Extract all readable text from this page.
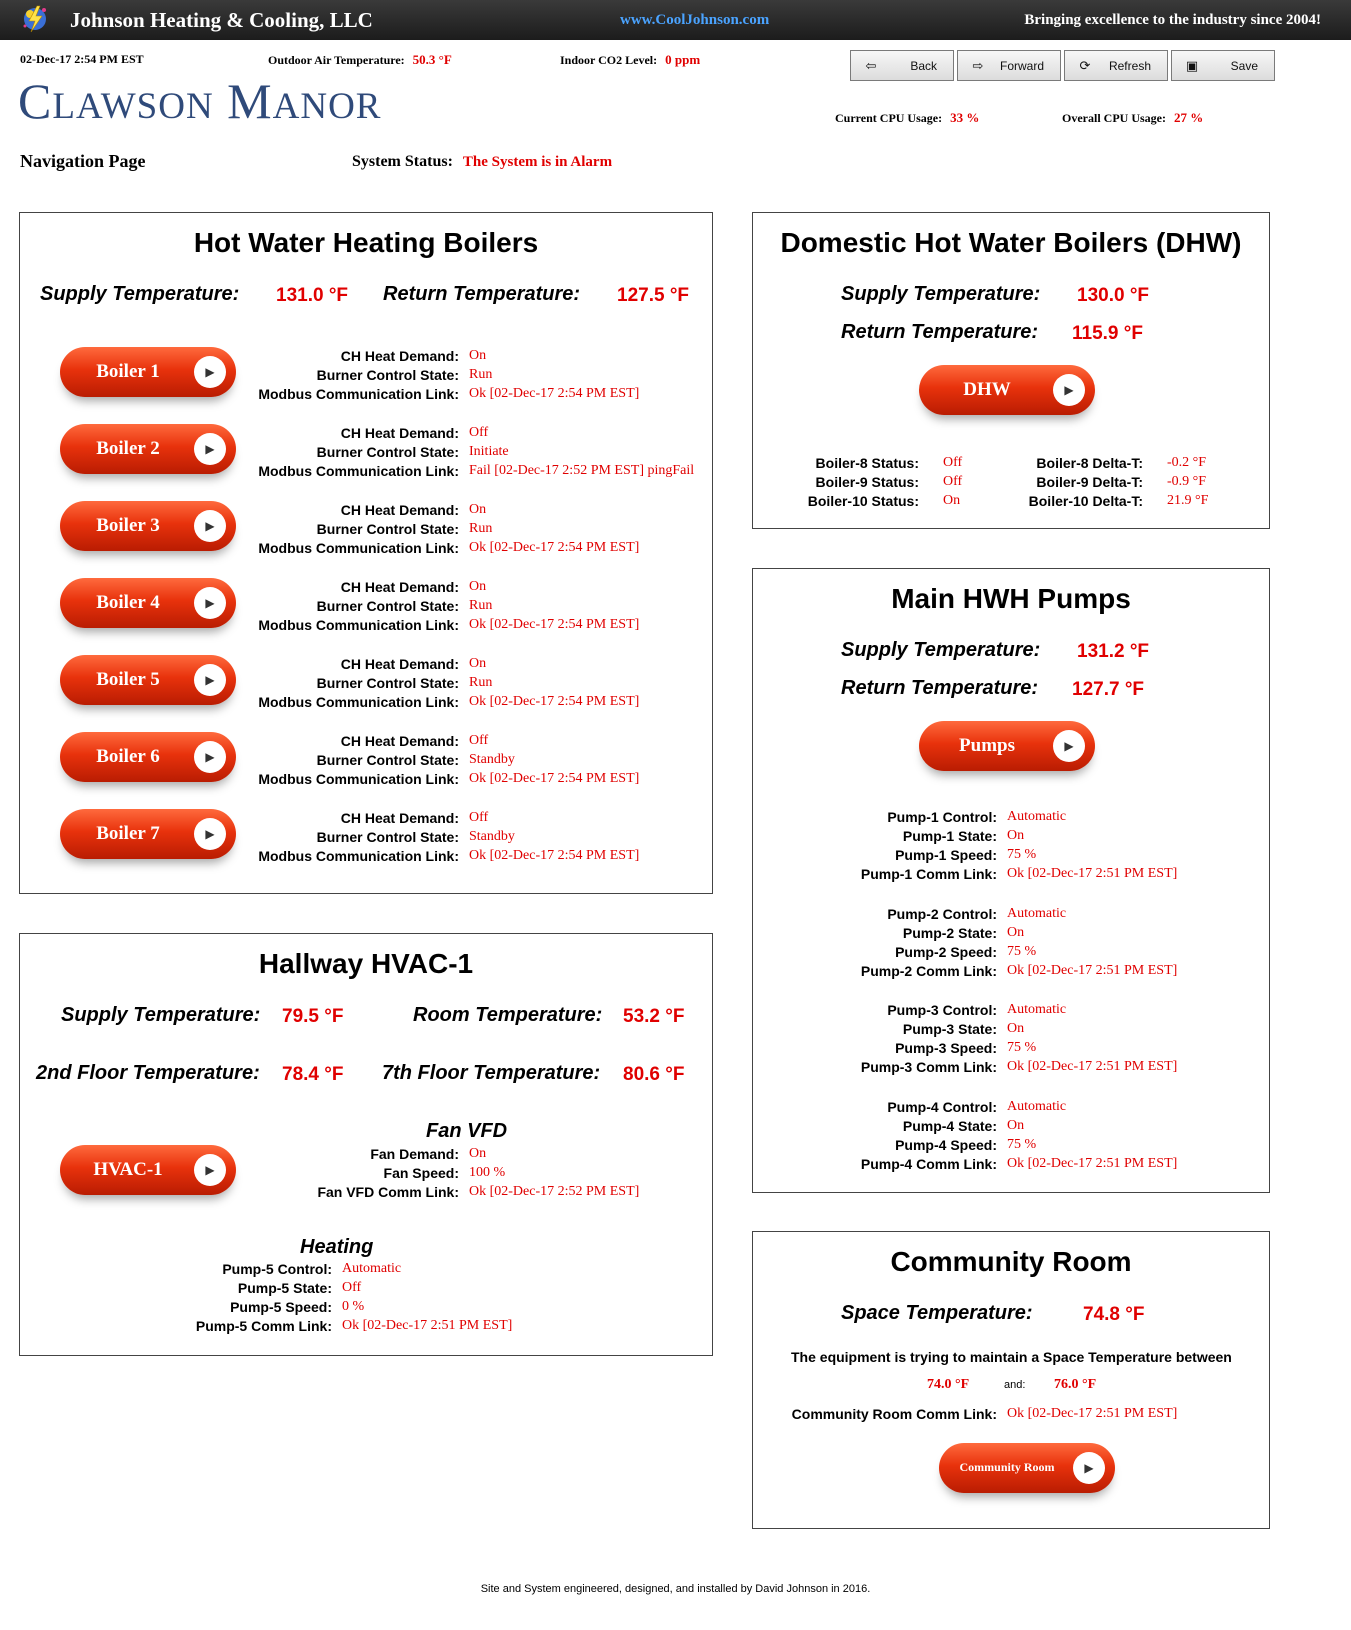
Johnson Heating & Cooling, LLC	www.CoolJohnson.com	Bringing excellence to the industry since 2004!
02-Dec-17 2:54 PM EST	Outdoor Air Temperature: 50.3 °F	Indoor CO2 Level: 0 ppm
CLAWSON MANOR
⇦	Back	⇨	Forward	⟳	Refresh	▣	Save
Current CPU Usage: 33 %	Overall CPU Usage: 27 %
Navigation Page	System Status: The System is in Alarm
Hot Water Heating Boilers
Supply Temperature: 131.0 °F Return Temperature: 127.5 °F
Boiler 1
▶
CH Heat Demand: On
Burner Control State: Run
Modbus Communication Link: Ok [02-Dec-17 2:54 PM EST]
Boiler 2
▶
CH Heat Demand: Off
Burner Control State: Initiate
Modbus Communication Link: Fail [02-Dec-17 2:52 PM EST] pingFail
Boiler 3
▶
CH Heat Demand: On
Burner Control State: Run
Modbus Communication Link: Ok [02-Dec-17 2:54 PM EST]
Boiler 4
▶
CH Heat Demand: On
Burner Control State: Run
Modbus Communication Link: Ok [02-Dec-17 2:54 PM EST]
Boiler 5
▶
CH Heat Demand: On
Burner Control State: Run
Modbus Communication Link: Ok [02-Dec-17 2:54 PM EST]
Boiler 6
▶
CH Heat Demand: Off
Burner Control State: Standby
Modbus Communication Link: Ok [02-Dec-17 2:54 PM EST]
Boiler 7
▶
CH Heat Demand: Off
Burner Control State: Standby
Modbus Communication Link: Ok [02-Dec-17 2:54 PM EST]
Hallway HVAC-1
Supply Temperature: 79.5 °F	Room Temperature: 53.2 °F
2nd Floor Temperature: 78.4 °F 7th Floor Temperature: 80.6 °F
HVAC-1
▶
Fan VFD
Fan Demand: On
Fan Speed: 100 %
Fan VFD Comm Link: Ok [02-Dec-17 2:52 PM EST]
Heating
Pump-5 Control: Automatic
Pump-5 State: Off
Pump-5 Speed: 0 %
Pump-5 Comm Link: Ok [02-Dec-17 2:51 PM EST]
Domestic Hot Water Boilers (DHW)
Supply Temperature: 130.0 °F
Return Temperature: 115.9 °F
DHW
▶
Boiler-8 Status: Off	Boiler-8 Delta-T: -0.2 °F
Boiler-9 Status: Off	Boiler-9 Delta-T: -0.9 °F
Boiler-10 Status: On	Boiler-10 Delta-T: 21.9 °F
Main HWH Pumps
Supply Temperature: 131.2 °F
Return Temperature: 127.7 °F
Pumps
▶
Pump-1 Control: Automatic
Pump-1 State: On
Pump-1 Speed: 75 %
Pump-1 Comm Link: Ok [02-Dec-17 2:51 PM EST]
Pump-2 Control: Automatic
Pump-2 State: On
Pump-2 Speed: 75 %
Pump-2 Comm Link: Ok [02-Dec-17 2:51 PM EST]
Pump-3 Control: Automatic
Pump-3 State: On
Pump-3 Speed: 75 %
Pump-3 Comm Link: Ok [02-Dec-17 2:51 PM EST]
Pump-4 Control: Automatic
Pump-4 State: On
Pump-4 Speed: 75 %
Pump-4 Comm Link: Ok [02-Dec-17 2:51 PM EST]
Community Room
Space Temperature:	74.8 °F
The equipment is trying to maintain a Space Temperature between
74.0 °F	and: 76.0 °F
Community Room Comm Link: Ok [02-Dec-17 2:51 PM EST]
Community Room
▶
Site and System engineered, designed, and installed by David Johnson in 2016.
